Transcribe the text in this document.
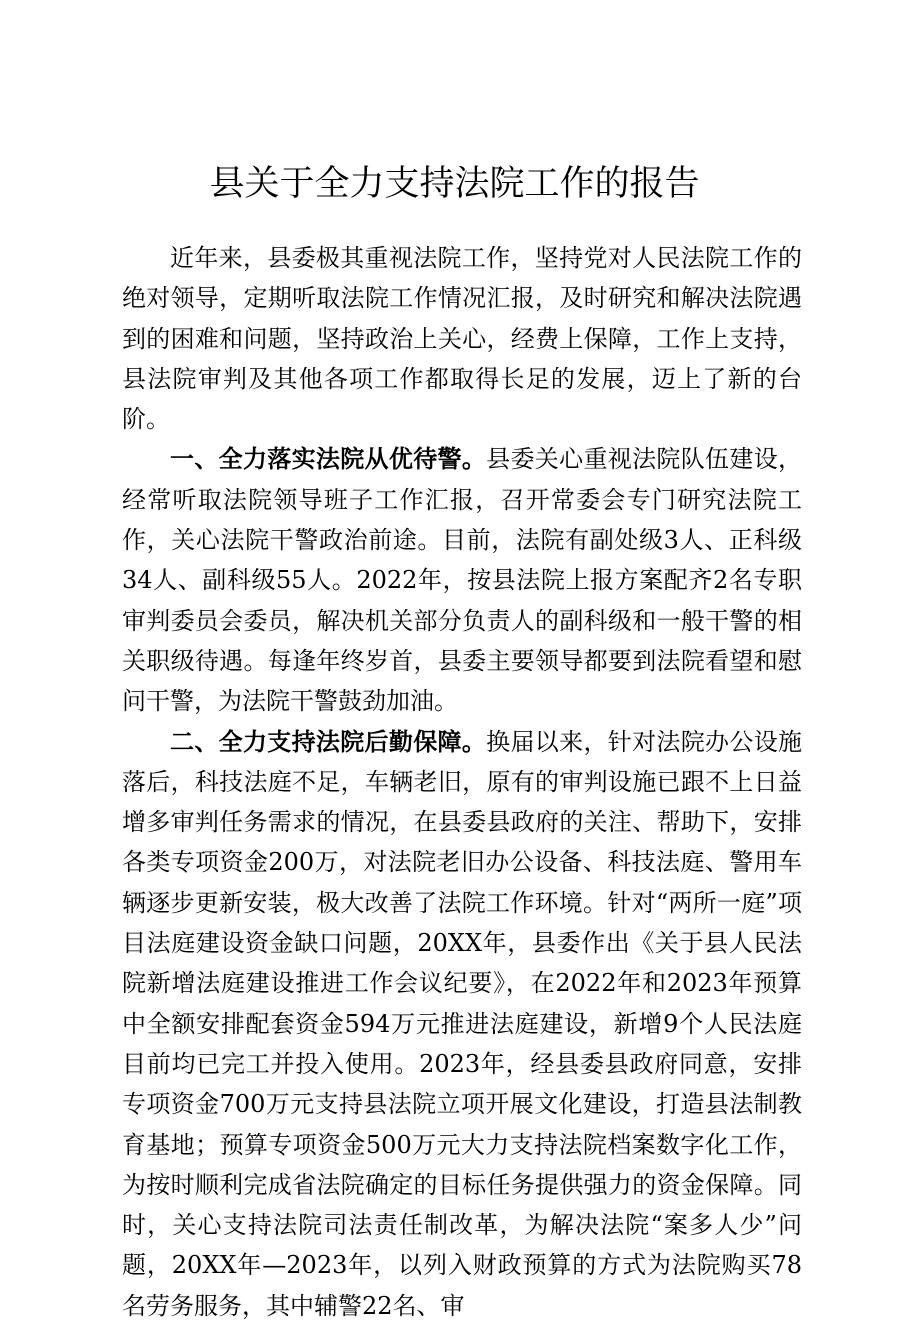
县关于全力支持法院工作的报告

近年来，县委极其重视法院工作，坚持党对人民法院工作的绝对领导，定期听取法院工作情况汇报，及时研究和解决法院遇到的困难和问题，坚持政治上关心，经费上保障，工作上支持，县法院审判及其他各项工作都取得长足的发展，迈上了新的台阶。

一、全力落实法院从优待警。县委关心重视法院队伍建设，经常听取法院领导班子工作汇报，召开常委会专门研究法院工作，关心法院干警政治前途。目前，法院有副处级3人、正科级34人、副科级55人。2022年，按县法院上报方案配齐2名专职审判委员会委员，解决机关部分负责人的副科级和一般干警的相关职级待遇。每逢年终岁首，县委主要领导都要到法院看望和慰问干警，为法院干警鼓劲加油。

二、全力支持法院后勤保障。换届以来，针对法院办公设施落后，科技法庭不足，车辆老旧，原有的审判设施已跟不上日益增多审判任务需求的情况，在县委县政府的关注、帮助下，安排各类专项资金200万，对法院老旧办公设备、科技法庭、警用车辆逐步更新安装，极大改善了法院工作环境。针对“两所一庭”项目法庭建设资金缺口问题，20XX年，县委作出《关于县人民法院新增法庭建设推进工作会议纪要》，在2022年和2023年预算中全额安排配套资金594万元推进法庭建设，新增9个人民法庭目前均已完工并投入使用。2023年，经县委县政府同意，安排专项资金700万元支持县法院立项开展文化建设，打造县法制教育基地；预算专项资金500万元大力支持法院档案数字化工作，为按时顺利完成省法院确定的目标任务提供强力的资金保障。同时，关心支持法院司法责任制改革，为解决法院“案多人少”问题，20XX年—2023年，以列入财政预算的方式为法院购买78名劳务服务，其中辅警22名、审
